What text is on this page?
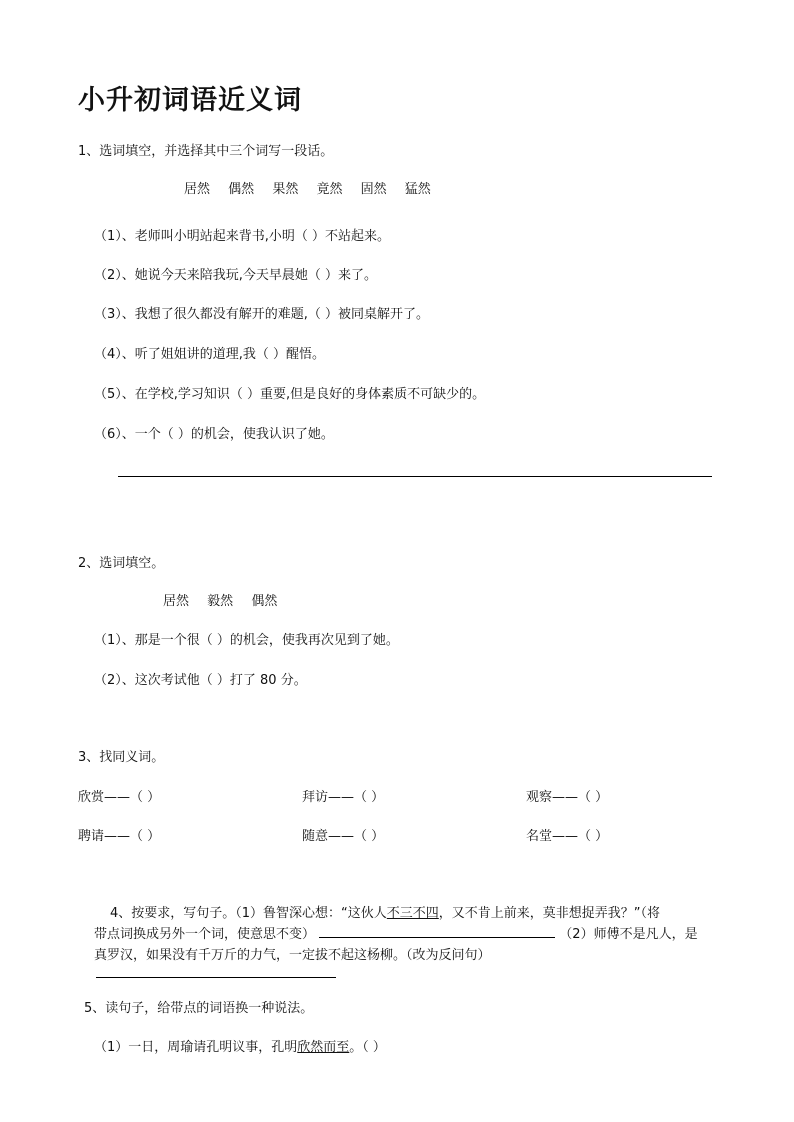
小升初词语近义词
1、选词填空，并选择其中三个词写一段话。
居然 偶然 果然 竟然 固然 猛然
（1）、老师叫小明站起来背书,小明（ ）不站起来。
（2）、她说今天来陪我玩,今天早晨她（ ）来了。
（3）、我想了很久都没有解开的难题,（ ）被同桌解开了。
（4）、听了姐姐讲的道理,我（ ）醒悟。
（5）、在学校,学习知识（ ）重要,但是良好的身体素质不可缺少的。
（6）、一个（ ）的机会，使我认识了她。
2、选词填空。
居然 毅然 偶然
（1）、那是一个很（ ）的机会，使我再次见到了她。
（2）、这次考试他（ ）打了 80 分。
3、找同义词。
欣赏——（ ）	拜访——（ ）	观察——（ ）
聘请——（ ）	随意——（ ）	名堂——（ ）
4、按要求，写句子。（1）鲁智深心想：“这伙人不三不四，又不肯上前来，莫非想捉弄我？”（将
带点词换成另外一个词，使意思不变）	（2）师傅不是凡人，是
真罗汉，如果没有千万斤的力气，一定拔不起这杨柳。（改为反问句）
5、读句子，给带点的词语换一种说法。
（1）一日，周瑜请孔明议事，孔明欣然而至。（ ）
